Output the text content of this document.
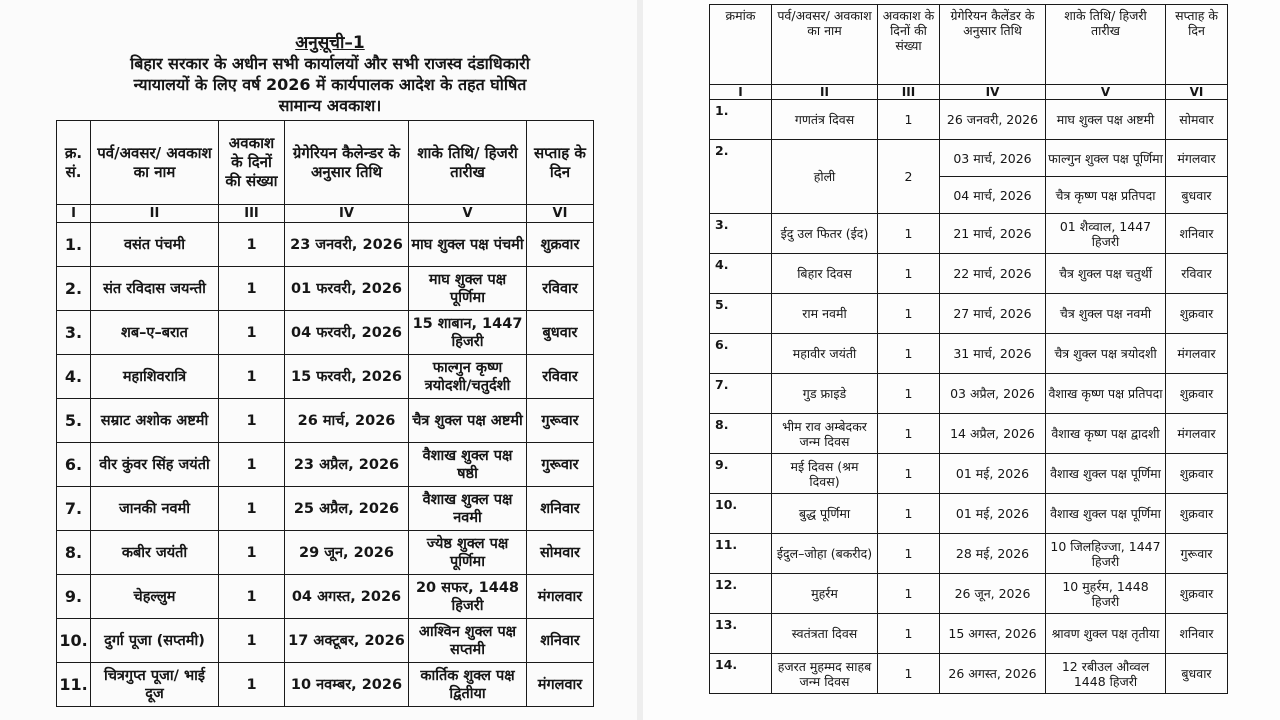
अनुसूची–1
बिहार सरकार के अधीन सभी कार्यालयों और सभी राजस्व दंडाधिकारी
न्यायालयों के लिए वर्ष 2026 में कार्यपालक आदेश के तहत घोषित
सामान्य अवकाश।
क्र. सं.	पर्व/अवसर/ अवकाश का नाम	अवकाश के दिनों की संख्या	ग्रेगेरियन कैलेन्डर के अनुसार तिथि	शाके तिथि/ हिजरी तारीख	सप्ताह के दिन
I	II	III	IV	V	VI
1.	वसंत पंचमी	1	23 जनवरी, 2026	माघ शुक्ल पक्ष पंचमी	शुक्रवार
2.	संत रविदास जयन्ती	1	01 फरवरी, 2026	माघ शुक्ल पक्ष पूर्णिमा	रविवार
3.	शब–ए–बरात	1	04 फरवरी, 2026	15 शाबान, 1447 हिजरी	बुधवार
4.	महाशिवरात्रि	1	15 फरवरी, 2026	फाल्गुन कृष्ण त्रयोदशी/चतुर्दशी	रविवार
5.	सम्राट अशोक अष्टमी	1	26 मार्च, 2026	चैत्र शुक्ल पक्ष अष्टमी	गुरूवार
6.	वीर कुंवर सिंह जयंती	1	23 अप्रैल, 2026	वैशाख शुक्ल पक्ष षष्ठी	गुरूवार
7.	जानकी नवमी	1	25 अप्रैल, 2026	वैशाख शुक्ल पक्ष नवमी	शनिवार
8.	कबीर जयंती	1	29 जून, 2026	ज्येष्ठ शुक्ल पक्ष पूर्णिमा	सोमवार
9.	चेहल्लुम	1	04 अगस्त, 2026	20 सफर, 1448 हिजरी	मंगलवार
10.	दुर्गा पूजा (सप्तमी)	1	17 अक्टूबर, 2026	आश्विन शुक्ल पक्ष सप्तमी	शनिवार
11.	चित्रगुप्त पूजा/ भाई दूज	1	10 नवम्बर, 2026	कार्तिक शुक्ल पक्ष द्वितीया	मंगलवार
क्रमांक	पर्व/अवसर/ अवकाश का नाम	अवकाश के दिनों की संख्या	ग्रेगेरियन कैलेंडर के अनुसार तिथि	शाके तिथि/ हिजरी तारीख	सप्ताह के दिन
I	II	III	IV	V	VI
1.	गणतंत्र दिवस	1	26 जनवरी, 2026	माघ शुक्ल पक्ष अष्टमी	सोमवार
2.	होली	2	03 मार्च, 2026	फाल्गुन शुक्ल पक्ष पूर्णिमा	मंगलवार
			04 मार्च, 2026	चैत्र कृष्ण पक्ष प्रतिपदा	बुधवार
3.	ईदु उल फितर (ईद)	1	21 मार्च, 2026	01 शैव्वाल, 1447 हिजरी	शनिवार
4.	बिहार दिवस	1	22 मार्च, 2026	चैत्र शुक्ल पक्ष चतुर्थी	रविवार
5.	राम नवमी	1	27 मार्च, 2026	चैत्र शुक्ल पक्ष नवमी	शुक्रवार
6.	महावीर जयंती	1	31 मार्च, 2026	चैत्र शुक्ल पक्ष त्रयोदशी	मंगलवार
7.	गुड फ्राइडे	1	03 अप्रैल, 2026	वैशाख कृष्ण पक्ष प्रतिपदा	शुक्रवार
8.	भीम राव अम्बेदकर जन्म दिवस	1	14 अप्रैल, 2026	वैशाख कृष्ण पक्ष द्वादशी	मंगलवार
9.	मई दिवस (श्रम दिवस)	1	01 मई, 2026	वैशाख शुक्ल पक्ष पूर्णिमा	शुक्रवार
10.	बुद्ध पूर्णिमा	1	01 मई, 2026	वैशाख शुक्ल पक्ष पूर्णिमा	शुक्रवार
11.	ईदुल–जोहा (बकरीद)	1	28 मई, 2026	10 जिलहिज्जा, 1447 हिजरी	गुरूवार
12.	मुहर्रम	1	26 जून, 2026	10 मुहर्रम, 1448 हिजरी	शुक्रवार
13.	स्वतंत्रता दिवस	1	15 अगस्त, 2026	श्रावण शुक्ल पक्ष तृतीया	शनिवार
14.	हजरत मुहम्मद साहब जन्म दिवस	1	26 अगस्त, 2026	12 रबीउल औव्वल 1448 हिजरी	बुधवार
